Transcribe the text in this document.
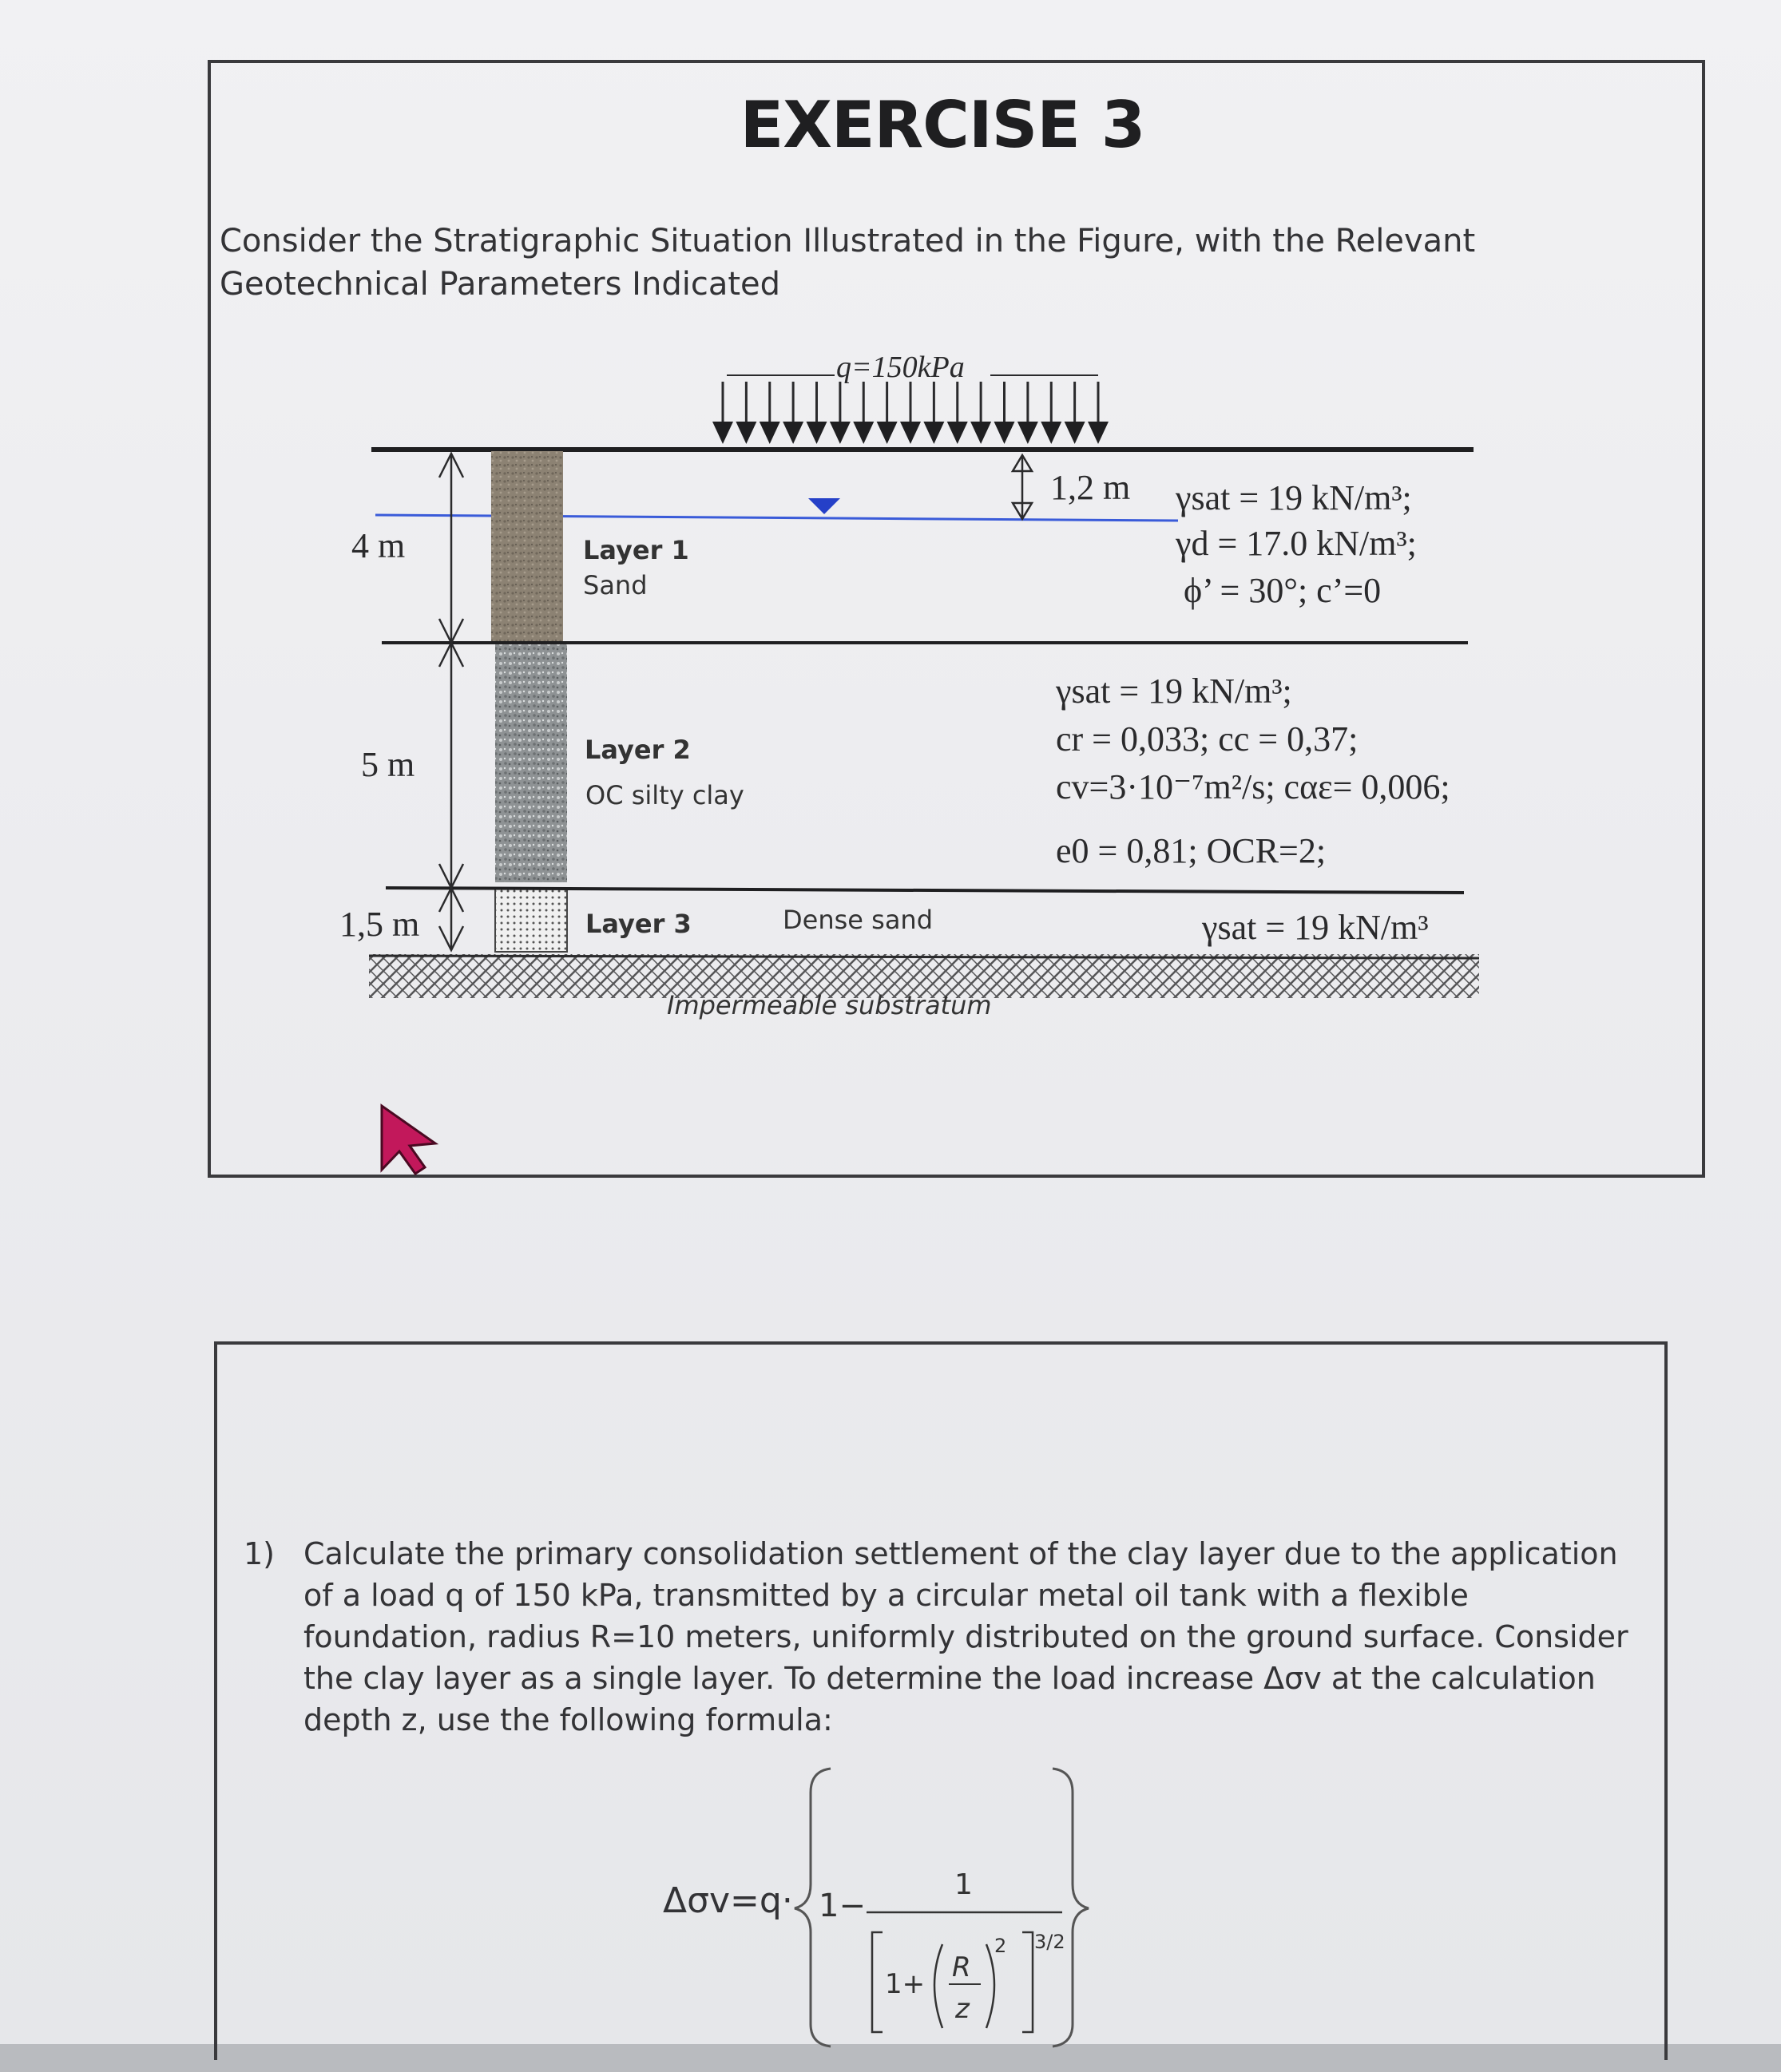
EXERCISE 3
Consider the Stratigraphic Situation Illustrated in the Figure, with the Relevant Geotechnical Parameters Indicated
q=150kPa
1,2 m
4 m
5 m
1,5 m
Layer 1
Sand
Layer 2
OC silty clay
Layer 3	Dense sand
γsat = 19 kN/m³;
γd = 17.0 kN/m³;
ϕ’ = 30°; c’=0
γsat = 19 kN/m³;
cr = 0,033; cc = 0,37;
cv=3·10⁻⁷m²/s; cαε= 0,006;
e0 = 0,81; OCR=2;
γsat = 19 kN/m³
Impermeable substratum
1−
1
1+
R
z
2 3/2
1) Calculate the primary consolidation settlement of the clay layer due to the application of a load q of 150 kPa, transmitted by a circular metal oil tank with a flexible foundation, radius R=10 meters, uniformly distributed on the ground surface. Consider the clay layer as a single layer. To determine the load increase Δσv at the calculation depth z, use the following formula:
Δσv=q·
